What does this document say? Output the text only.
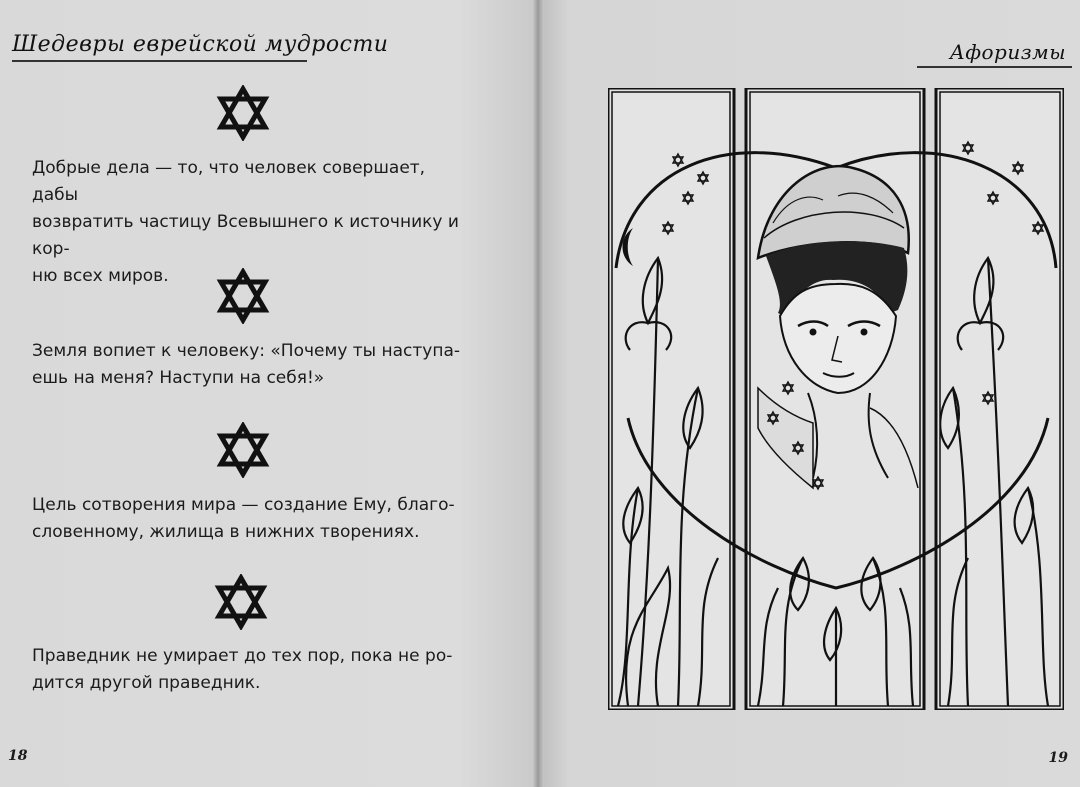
Шедевры еврейской мудрости
Добрые дела — то, что человек совершает, дабы
возвратить частицу Всевышнего к источнику и кор-
ню всех миров.
Земля вопиет к человеку: «Почему ты наступа-
ешь на меня? Наступи на себя!»
Цель сотворения мира — создание Ему, благо-
словенному, жилища в нижних творениях.
Праведник не умирает до тех пор, пока не ро-
дится другой праведник.
18
Афоризмы
19
